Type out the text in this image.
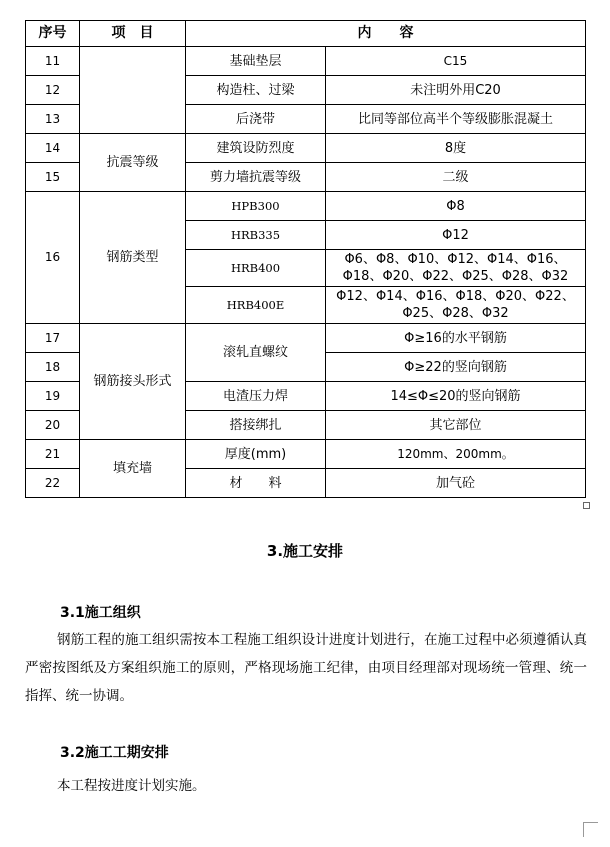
序号	项　目	内　　容	
11		基础垫层	C15
12		构造柱、过梁	未注明外用C20
13		后浇带	比同等部位高半个等级膨胀混凝土
14	抗震等级	建筑设防烈度	8度
15		剪力墙抗震等级	二级
16	钢筋类型	HPB300	Φ8
		HRB335	Φ12
		HRB400	Φ6、Φ8、Φ10、Φ12、Φ14、Φ16、Φ18、Φ20、Φ22、Φ25、Φ28、Φ32
		HRB400E	Φ12、Φ14、Φ16、Φ18、Φ20、Φ22、Φ25、Φ28、Φ32
17	钢筋接头形式	滚轧直螺纹	Φ≥16的水平钢筋
18			Φ≥22的竖向钢筋
19		电渣压力焊	14≤Φ≤20的竖向钢筋
20		搭接绑扎	其它部位
21	填充墙	厚度(mm)	120mm、200mm。
22		材　　料	加气砼
3.施工安排
3.1施工组织
钢筋工程的施工组织需按本工程施工组织设计进度计划进行，在施工过程中必须遵循认真严密按图纸及方案组织施工的原则，严格现场施工纪律，由项目经理部对现场统一管理、统一指挥、统一协调。
3.2施工工期安排
本工程按进度计划实施。
